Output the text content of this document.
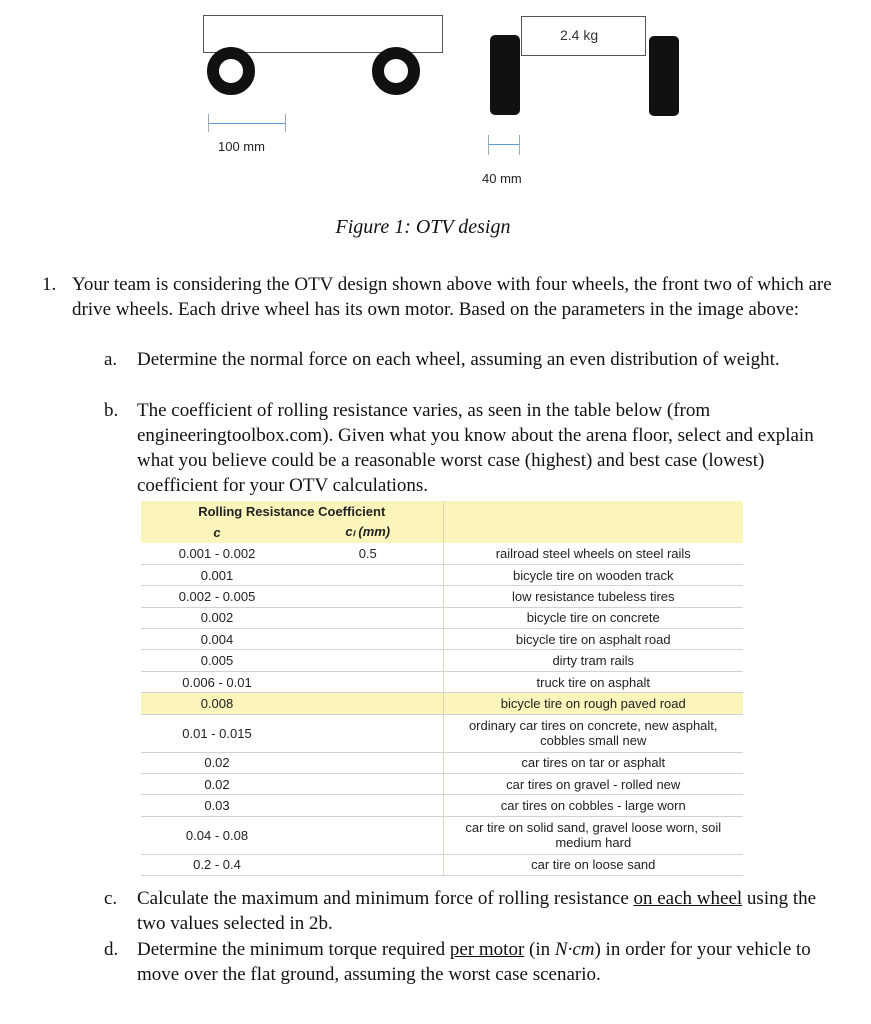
2.4 kg
100 mm
40 mm
Figure 1: OTV design
1. Your team is considering the OTV design shown above with four wheels, the front two of which are drive wheels. Each drive wheel has its own motor. Based on the parameters in the image above:
a. Determine the normal force on each wheel, assuming an even distribution of weight.
b. The coefficient of rolling resistance varies, as seen in the table below (from engineeringtoolbox.com). Given what you know about the arena floor, select and explain what you believe could be a reasonable worst case (highest) and best case (lowest) coefficient for your OTV calculations.
Rolling Resistance Coefficient		
c	cₗ (mm)	
0.001 - 0.002	0.5	railroad steel wheels on steel rails
0.001		bicycle tire on wooden track
0.002 - 0.005		low resistance tubeless tires
0.002		bicycle tire on concrete
0.004		bicycle tire on asphalt road
0.005		dirty tram rails
0.006 - 0.01		truck tire on asphalt
0.008		bicycle tire on rough paved road
0.01 - 0.015		ordinary car tires on concrete, new asphalt, cobbles small new
0.02		car tires on tar or asphalt
0.02		car tires on gravel - rolled new
0.03		car tires on cobbles - large worn
0.04 - 0.08		car tire on solid sand, gravel loose worn, soil medium hard
0.2 - 0.4		car tire on loose sand
c. Calculate the maximum and minimum force of rolling resistance on each wheel using the two values selected in 2b.
d. Determine the minimum torque required per motor (in N·cm) in order for your vehicle to move over the flat ground, assuming the worst case scenario.
